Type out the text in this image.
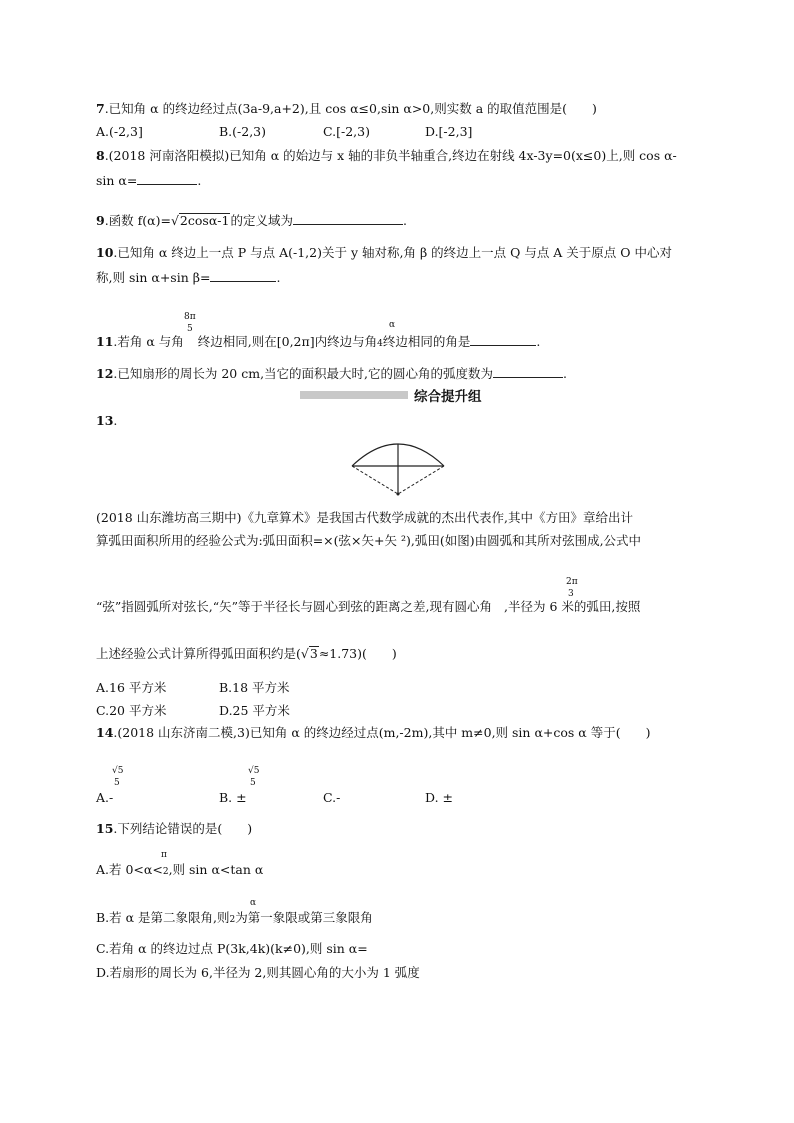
7.已知角 α 的终边经过点(3a-9,a+2),且 cos α≤0,sin α>0,则实数 a 的取值范围是(　　)
A.(-2,3]	B.(-2,3)	C.[-2,3)	D.[-2,3]
8.(2018 河南洛阳模拟)已知角 α 的始边与 x 轴的非负半轴重合,终边在射线 4x-3y=0(x≤0)上,则 cos α-
sin α=	.
9.函数 f(α)=√2cosα-1的定义域为	.
10.已知角 α 终边上一点 P 与点 A(-1,2)关于 y 轴对称,角 β 的终边上一点 Q 与点 A 关于原点 O 中心对
称,则 sin α+sin β=	.
8π
5	α
11.若角 α 与角 终边相同,则在[0,2π]内终边与角4终边相同的角是	.
12.已知扇形的周长为 20 cm,当它的面积最大时,它的圆心角的弧度数为	.
综合提升组
13.
(2018 山东潍坊高三期中)《九章算术》是我国古代数学成就的杰出代表作,其中《方田》章给出计
算弧田面积所用的经验公式为:弧田面积=×(弦×矢+矢 ²),弧田(如图)由圆弧和其所对弦围成,公式中
2π
3
“弦”指圆弧所对弦长,“矢”等于半径长与圆心到弦的距离之差,现有圆心角 ,半径为 6 米的弧田,按照
上述经验公式计算所得弧田面积约是(√3≈1.73)(　　)
A.16 平方米	B.18 平方米
C.20 平方米	D.25 平方米
14.(2018 山东济南二模,3)已知角 α 的终边经过点(m,-2m),其中 m≠0,则 sin α+cos α 等于(　　)
√5
5
√5
5
A.-	B. ±	C.-	D. ±
15.下列结论错误的是(　　)
π
A.若 0<α<2,则 sin α<tan α
α
B.若 α 是第二象限角,则2为第一象限或第三象限角
C.若角 α 的终边过点 P(3k,4k)(k≠0),则 sin α=
D.若扇形的周长为 6,半径为 2,则其圆心角的大小为 1 弧度
